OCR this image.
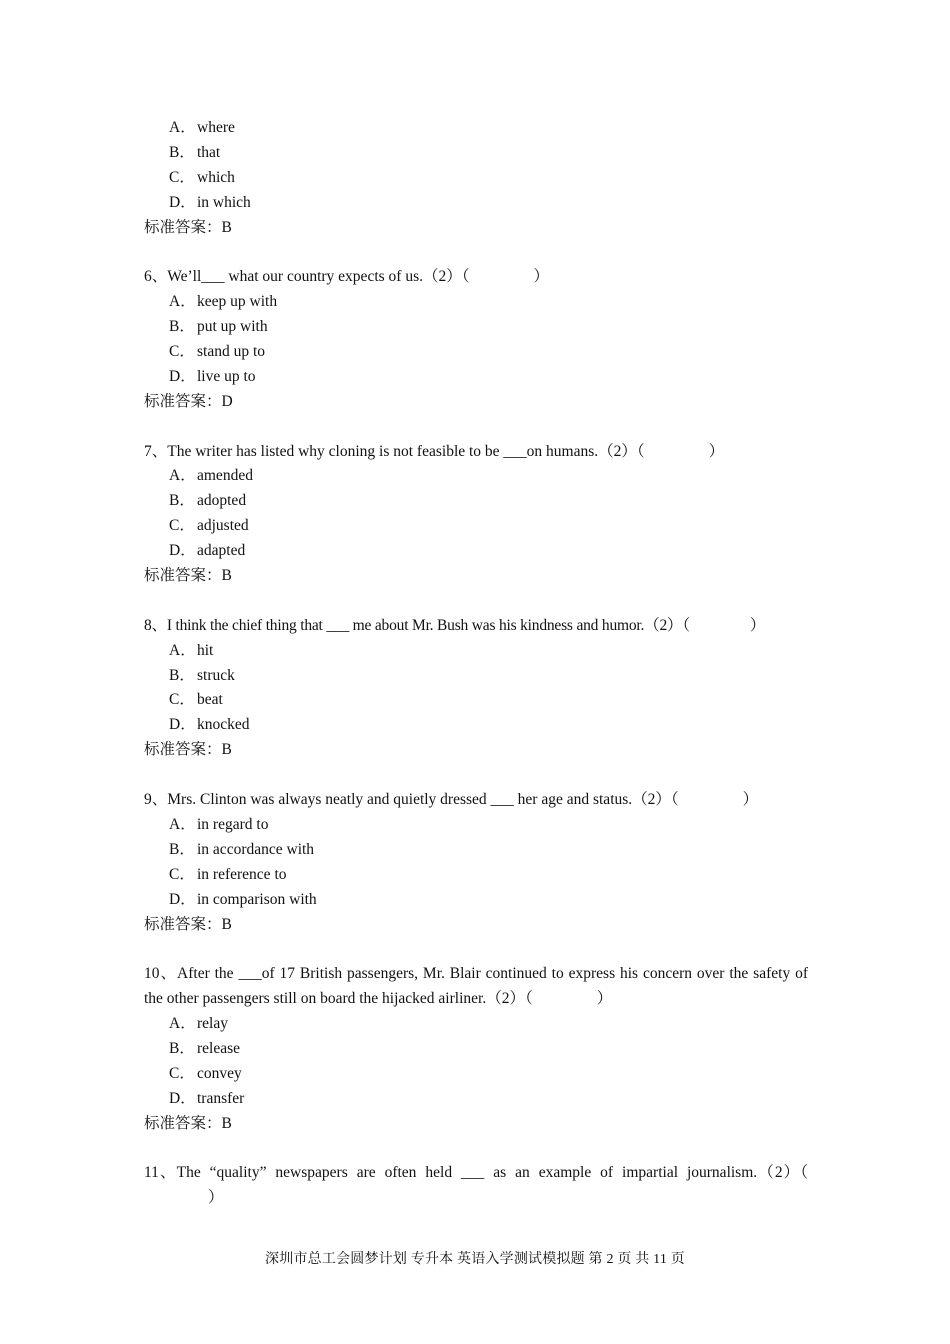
A．where
B． that
C． which
D．in which
标准答案：B
6、We’ll___ what our country expects of us.（2）（	）
A．keep up with
B． put up with
C． stand up to
D．live up to
标准答案：D
7、The writer has listed why cloning is not feasible to be ___on humans.（2）（	）
A．amended
B． adopted
C． adjusted
D．adapted
标准答案：B
8、I think the chief thing that ___ me about Mr. Bush was his kindness and humor.（2）（	）
A．hit
B． struck
C． beat
D．knocked
标准答案：B
9、Mrs. Clinton was always neatly and quietly dressed ___ her age and status.（2）（	）
A．in regard to
B． in accordance with
C． in reference to
D．in comparison with
标准答案：B
10、After the ___of 17 British passengers, Mr. Blair continued to express his concern over the safety of the other passengers still on board the hijacked airliner.（2）（	）
A．relay
B． release
C． convey
D．transfer
标准答案：B
11、The “quality” newspapers are often held ___ as an example of impartial journalism.（2）（）
深圳市总工会圆梦计划 专升本 英语入学测试模拟题 第 2 页 共 11 页
